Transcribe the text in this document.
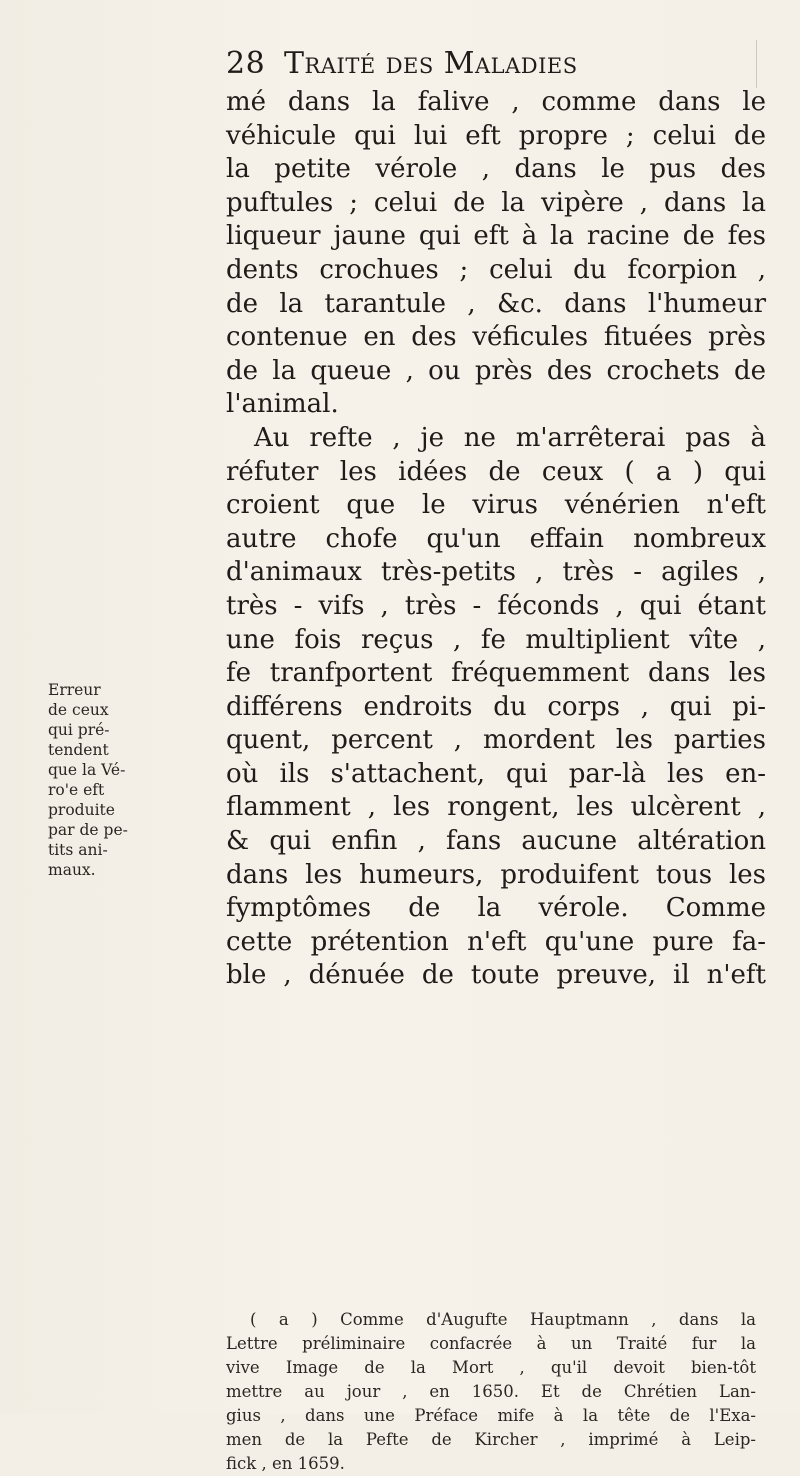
28 Traité des Maladies
mé dans la falive , comme dans le
véhicule qui lui eft propre ; celui de
la petite vérole , dans le pus des
puftules ; celui de la vipère , dans la
liqueur jaune qui eft à la racine de fes
dents crochues ; celui du fcorpion ,
de la tarantule , &c. dans l'humeur
contenue en des véficules fituées près
de la queue , ou près des crochets de
l'animal.
Au refte , je ne m'arrêterai pas à
réfuter les idées de ceux ( a ) qui
croient que le virus vénérien n'eft
autre chofe qu'un effain nombreux
d'animaux très-petits , très - agiles ,
très - vifs , très - féconds , qui étant
une fois reçus , fe multiplient vîte ,
fe tranfportent fréquemment dans les
différens endroits du corps , qui pi-
quent, percent , mordent les parties
où ils s'attachent, qui par-là les en-
flamment , les rongent, les ulcèrent ,
& qui enfin , fans aucune altération
dans les humeurs, produifent tous les
fymptômes de la vérole. Comme
cette prétention n'eft qu'une pure fa-
ble , dénuée de toute preuve, il n'eft
Erreur
de ceux
qui pré-
tendent
que la Vé-
ro'e eft
produite
par de pe-
tits ani-
maux.
( a ) Comme d'Augufte Hauptmann , dans la
Lettre préliminaire confacrée à un Traité fur la
vive Image de la Mort , qu'il devoit bien-tôt
mettre au jour , en 1650. Et de Chrétien Lan-
gius , dans une Préface mife à la tête de l'Exa-
men de la Pefte de Kircher , imprimé à Leip-
fick , en 1659.
